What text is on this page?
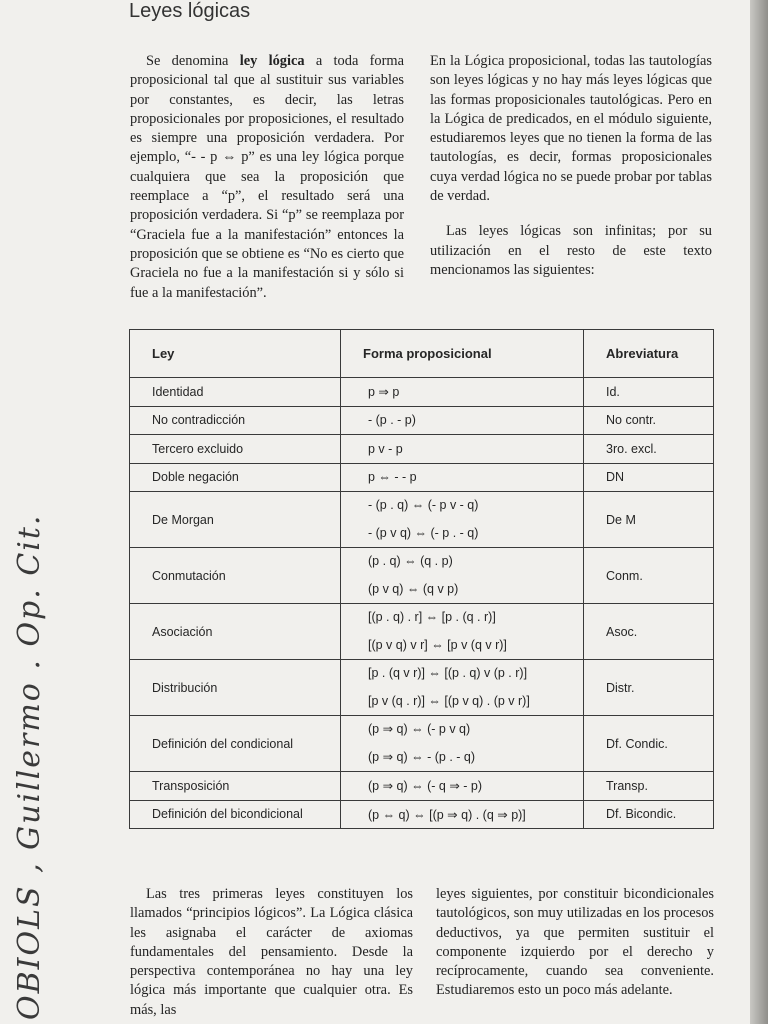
Leyes lógicas

Se denomina ley lógica a toda forma proposicional tal que al sustituir sus variables por constantes, es decir, las letras proposicionales por proposiciones, el resultado es siempre una proposición verdadera. Por ejemplo, “- - p ⇔ p” es una ley lógica porque cualquiera que sea la proposición que reemplace a “p”, el resultado será una proposición verdadera. Si “p” se reemplaza por “Graciela fue a la manifestación” entonces la proposición que se obtiene es “No es cierto que Graciela no fue a la manifestación si y sólo si fue a la manifestación”.

En la Lógica proposicional, todas las tautologías son leyes lógicas y no hay más leyes lógicas que las formas proposicionales tautológicas. Pero en la Lógica de predicados, en el módulo siguiente, estudiaremos leyes que no tienen la forma de las tautologías, es decir, formas proposicionales cuya verdad lógica no se puede probar por tablas de verdad.

Las leyes lógicas son infinitas; por su utilización en el resto de este texto mencionamos las siguientes:

Ley	Forma proposicional	Abreviatura
Identidad	p ⇒ p	Id.
No contradicción	- (p . - p)	No contr.
Tercero excluido	p v - p	3ro. excl.
Doble negación	p ⇔ - - p	DN
De Morgan	- (p . q) ⇔ (- p v - q)
- (p v q) ⇔ (- p . - q)	De M
Conmutación	(p . q) ⇔ (q . p)
(p v q) ⇔ (q v p)	Conm.
Asociación	[(p . q) . r] ⇔ [p . (q . r)]
[(p v q) v r] ⇔ [p v (q v r)]	Asoc.
Distribución	[p . (q v r)] ⇔ [(p . q) v (p . r)]
[p v (q . r)] ⇔ [(p v q) . (p v r)]	Distr.
Definición del condicional	(p ⇒ q) ⇔ (- p v q)
(p ⇒ q) ⇔ - (p . - q)	Df. Condic.
Transposición	(p ⇒ q) ⇔ (- q ⇒ - p)	Transp.
Definición del bicondicional	(p ⇔ q) ⇔ [(p ⇒ q) . (q ⇒ p)]	Df. Bicondic.

Las tres primeras leyes constituyen los llamados “principios lógicos”. La Lógica clásica les asignaba el carácter de axiomas fundamentales del pensamiento. Desde la perspectiva contemporánea no hay una ley lógica más importante que cualquier otra. Es más, las

leyes siguientes, por constituir bicondicionales tautológicos, son muy utilizadas en los procesos deductivos, ya que permiten sustituir el componente izquierdo por el derecho y recíprocamente, cuando sea conveniente. Estudiaremos esto un poco más adelante.

OBIOLS , Guillermo . Op. Cit.
